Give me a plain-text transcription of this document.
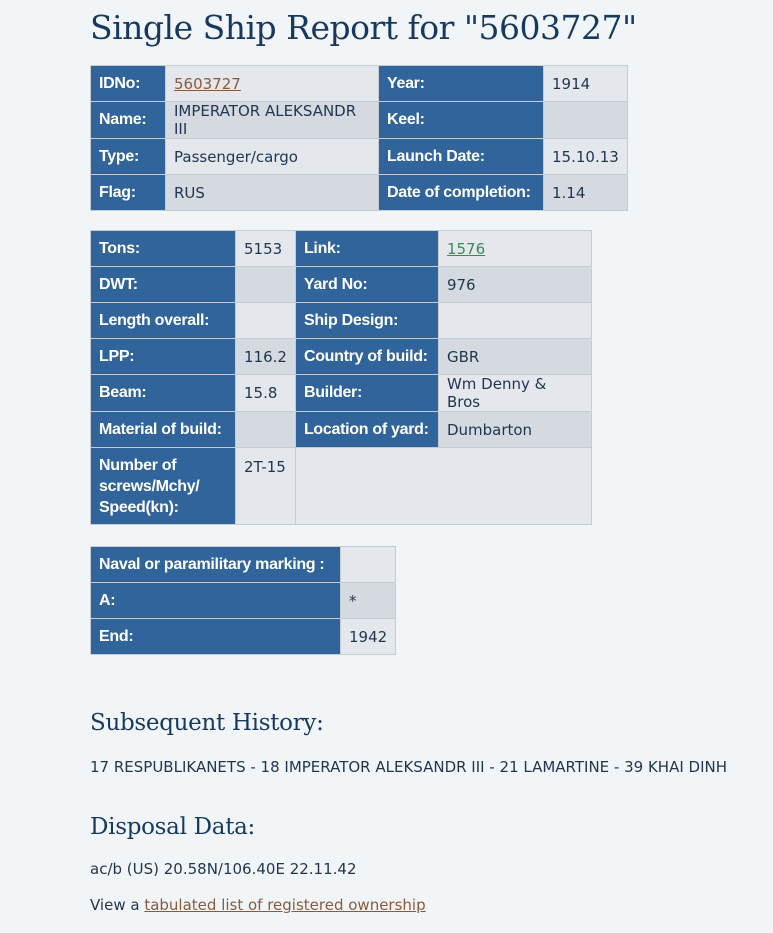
Single Ship Report for "5603727"
IDNo:	5603727	Year:	1914
Name:	IMPERATOR ALEKSANDR III	Keel:	
Type:	Passenger/cargo	Launch Date:	15.10.13
Flag:	RUS	Date of completion:	1.14
Tons:	5153	Link:	1576
DWT:		Yard No:	976
Length overall:		Ship Design:	
LPP:	116.2	Country of build:	GBR
Beam:	15.8	Builder:	Wm Denny & Bros
Material of build:		Location of yard:	Dumbarton
Number of screws/Mchy/ Speed(kn):	2T-15		
Naval or paramilitary marking :	
A:	*
End:	1942
Subsequent History:

17 RESPUBLIKANETS - 18 IMPERATOR ALEKSANDR III - 21 LAMARTINE - 39 KHAI DINH

Disposal Data:

ac/b (US) 20.58N/106.40E 22.11.42

View a tabulated list of registered ownership
